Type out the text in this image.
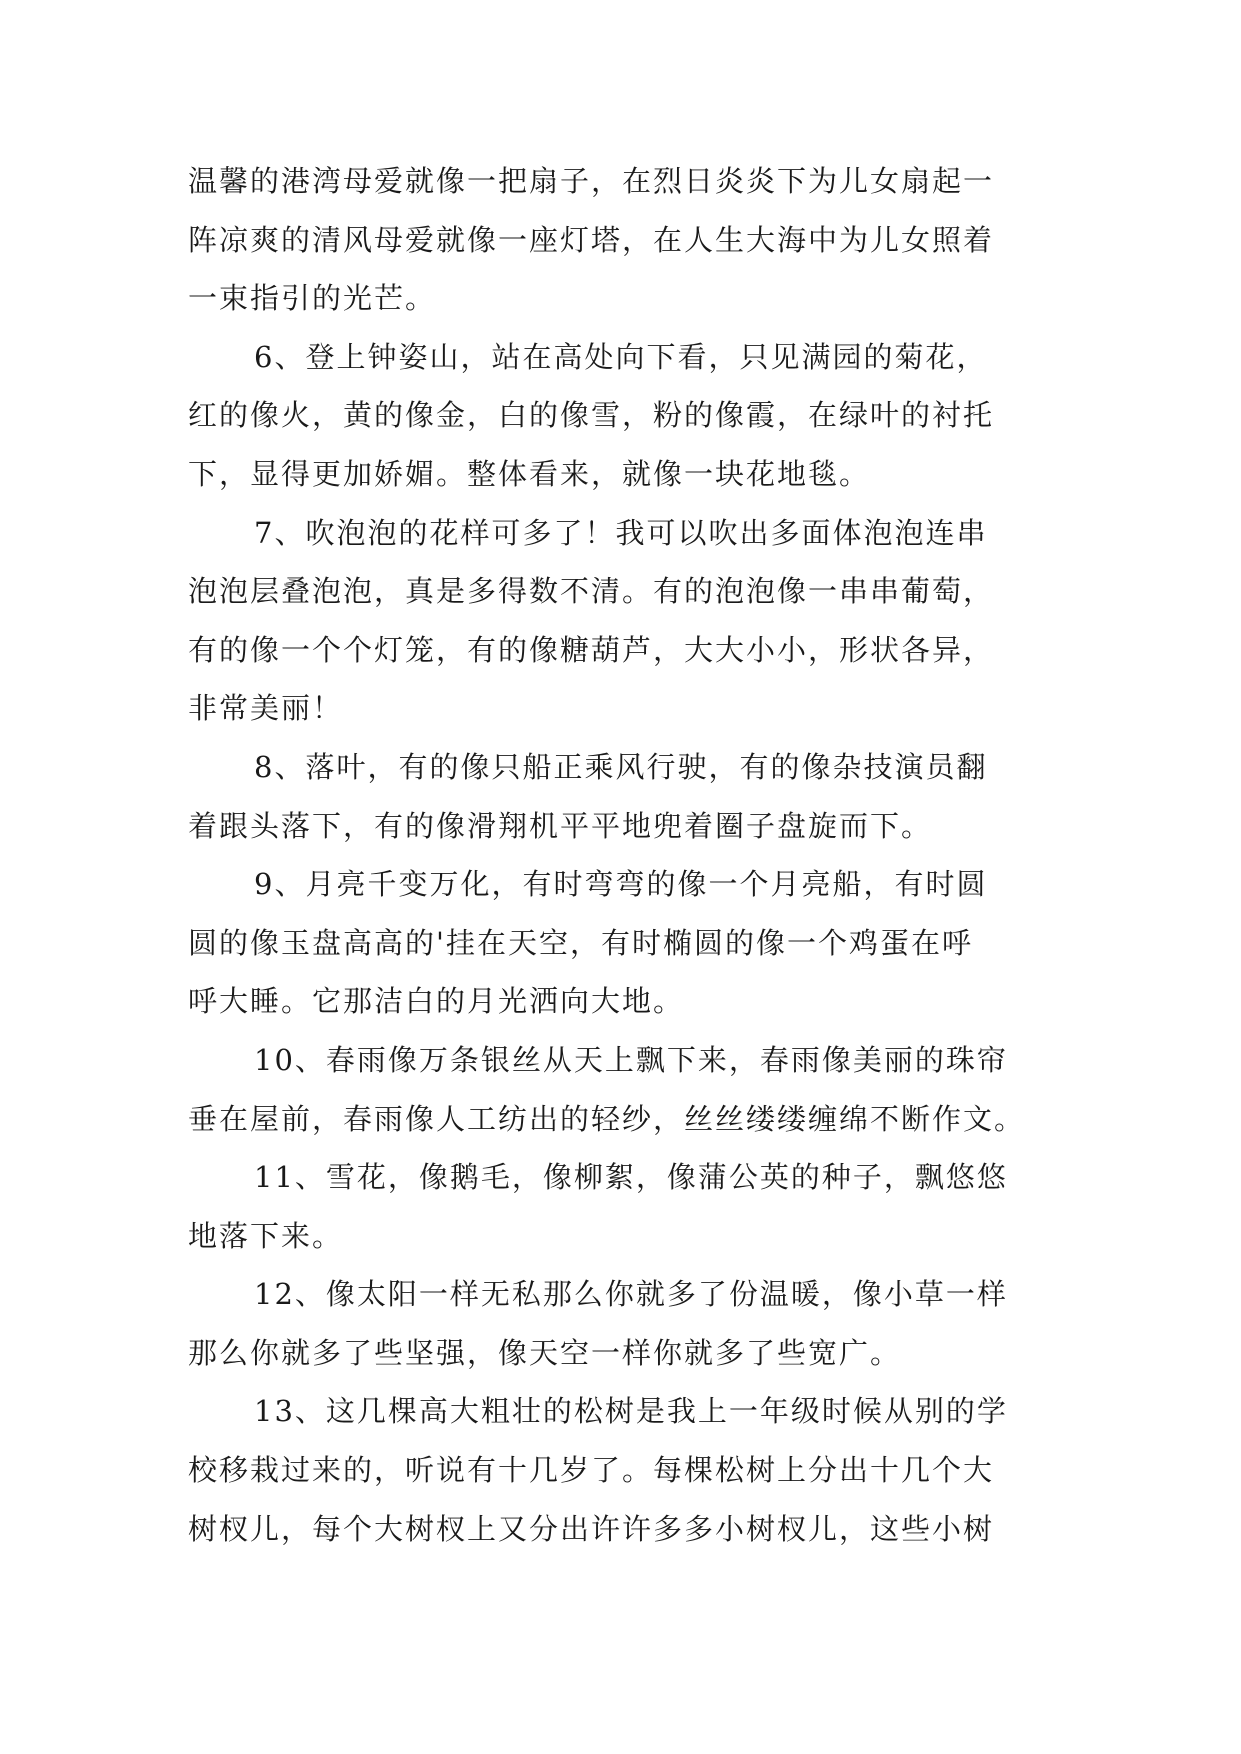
温馨的港湾母爱就像一把扇子，在烈日炎炎下为儿女扇起一
阵凉爽的清风母爱就像一座灯塔，在人生大海中为儿女照着
一束指引的光芒。
6、登上钟姿山，站在高处向下看，只见满园的菊花，
红的像火，黄的像金，白的像雪，粉的像霞，在绿叶的衬托
下，显得更加娇媚。整体看来，就像一块花地毯。
7、吹泡泡的花样可多了！我可以吹出多面体泡泡连串
泡泡层叠泡泡，真是多得数不清。有的泡泡像一串串葡萄，
有的像一个个灯笼，有的像糖葫芦，大大小小，形状各异，
非常美丽！
8、落叶，有的像只船正乘风行驶，有的像杂技演员翻
着跟头落下，有的像滑翔机平平地兜着圈子盘旋而下。
9、月亮千变万化，有时弯弯的像一个月亮船，有时圆
圆的像玉盘高高的'挂在天空，有时椭圆的像一个鸡蛋在呼
呼大睡。它那洁白的月光洒向大地。
10、春雨像万条银丝从天上飘下来，春雨像美丽的珠帘
垂在屋前，春雨像人工纺出的轻纱，丝丝缕缕缠绵不断作文。
11、雪花，像鹅毛，像柳絮，像蒲公英的种子，飘悠悠
地落下来。
12、像太阳一样无私那么你就多了份温暖，像小草一样
那么你就多了些坚强，像天空一样你就多了些宽广。
13、这几棵高大粗壮的松树是我上一年级时候从别的学
校移栽过来的，听说有十几岁了。每棵松树上分出十几个大
树杈儿，每个大树杈上又分出许许多多小树杈儿，这些小树
